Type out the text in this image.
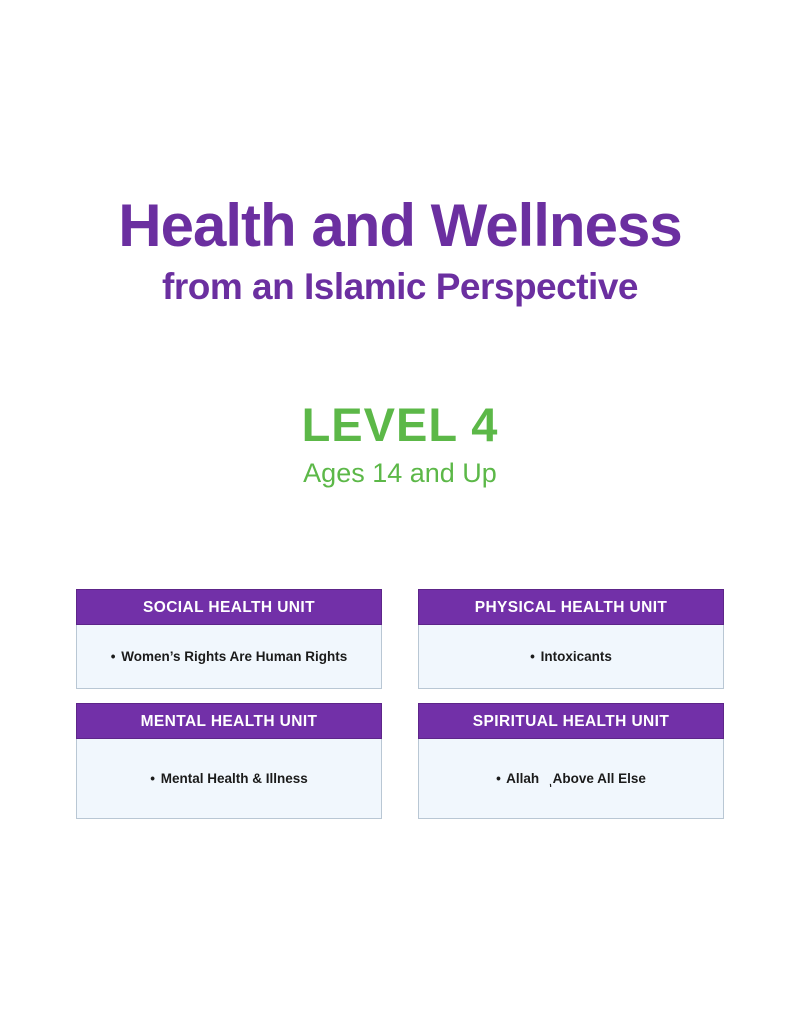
Health and Wellness
from an Islamic Perspective
LEVEL 4
Ages 14 and Up
SOCIAL HEALTH UNIT
• Women’s Rights Are Human Rights
PHYSICAL HEALTH UNIT
• Intoxicants
MENTAL HEALTH UNIT
• Mental Health & Illness
SPIRITUAL HEALTH UNIT
• Allah Above All Else
